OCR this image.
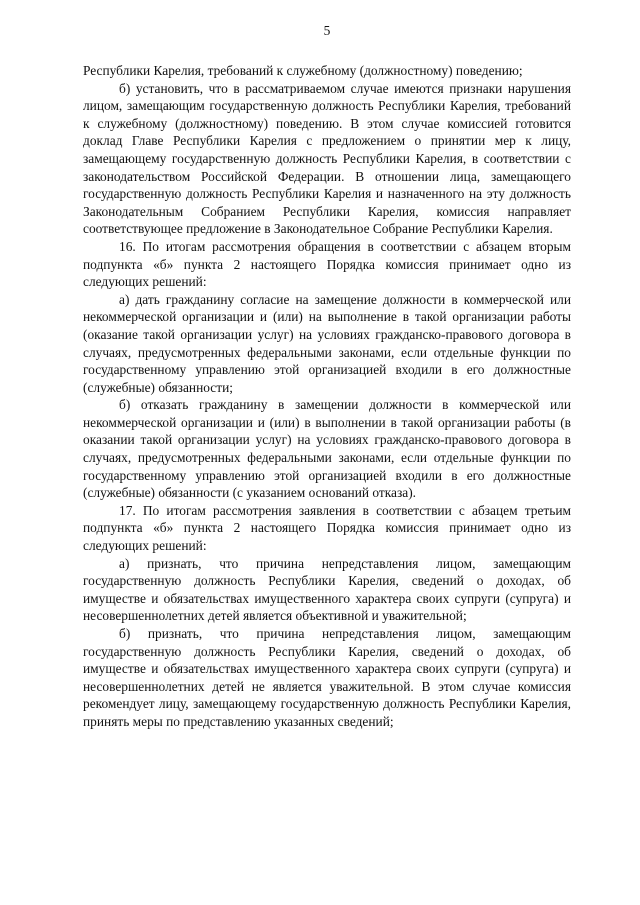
5

Республики Карелия, требований к служебному (должностному) поведению;

б) установить, что в рассматриваемом случае имеются признаки нарушения лицом, замещающим государственную должность Республики Карелия, требований к служебному (должностному) поведению. В этом случае комиссией готовится доклад Главе Республики Карелия с предложением о принятии мер к лицу, замещающему государственную должность Республики Карелия, в соответствии с законодательством Российской Федерации. В отношении лица, замещающего государственную должность Республики Карелия и назначенного на эту должность Законодательным Собранием Республики Карелия, комиссия направляет соответствующее предложение в Законодательное Собрание Республики Карелия.

16. По итогам рассмотрения обращения в соответствии с абзацем вторым подпункта «б» пункта 2 настоящего Порядка комиссия принимает одно из следующих решений:

а) дать гражданину согласие на замещение должности в коммерческой или некоммерческой организации и (или) на выполнение в такой организации работы (оказание такой организации услуг) на условиях гражданско-правового договора в случаях, предусмотренных федеральными законами, если отдельные функции по государственному управлению этой организацией входили в его должностные (служебные) обязанности;

б) отказать гражданину в замещении должности в коммерческой или некоммерческой организации и (или) в выполнении в такой организации работы (в оказании такой организации услуг) на условиях гражданско-правового договора в случаях, предусмотренных федеральными законами, если отдельные функции по государственному управлению этой организацией входили в его должностные (служебные) обязанности (с указанием оснований отказа).

17. По итогам рассмотрения заявления в соответствии с абзацем третьим подпункта «б» пункта 2 настоящего Порядка комиссия принимает одно из следующих решений:

а) признать, что причина непредставления лицом, замещающим государственную должность Республики Карелия, сведений о доходах, об имуществе и обязательствах имущественного характера своих супруги (супруга) и несовершеннолетних детей является объективной и уважительной;

б) признать, что причина непредставления лицом, замещающим государственную должность Республики Карелия, сведений о доходах, об имуществе и обязательствах имущественного характера своих супруги (супруга) и несовершеннолетних детей не является уважительной. В этом случае комиссия рекомендует лицу, замещающему государственную должность Республики Карелия, принять меры по представлению указанных сведений;
